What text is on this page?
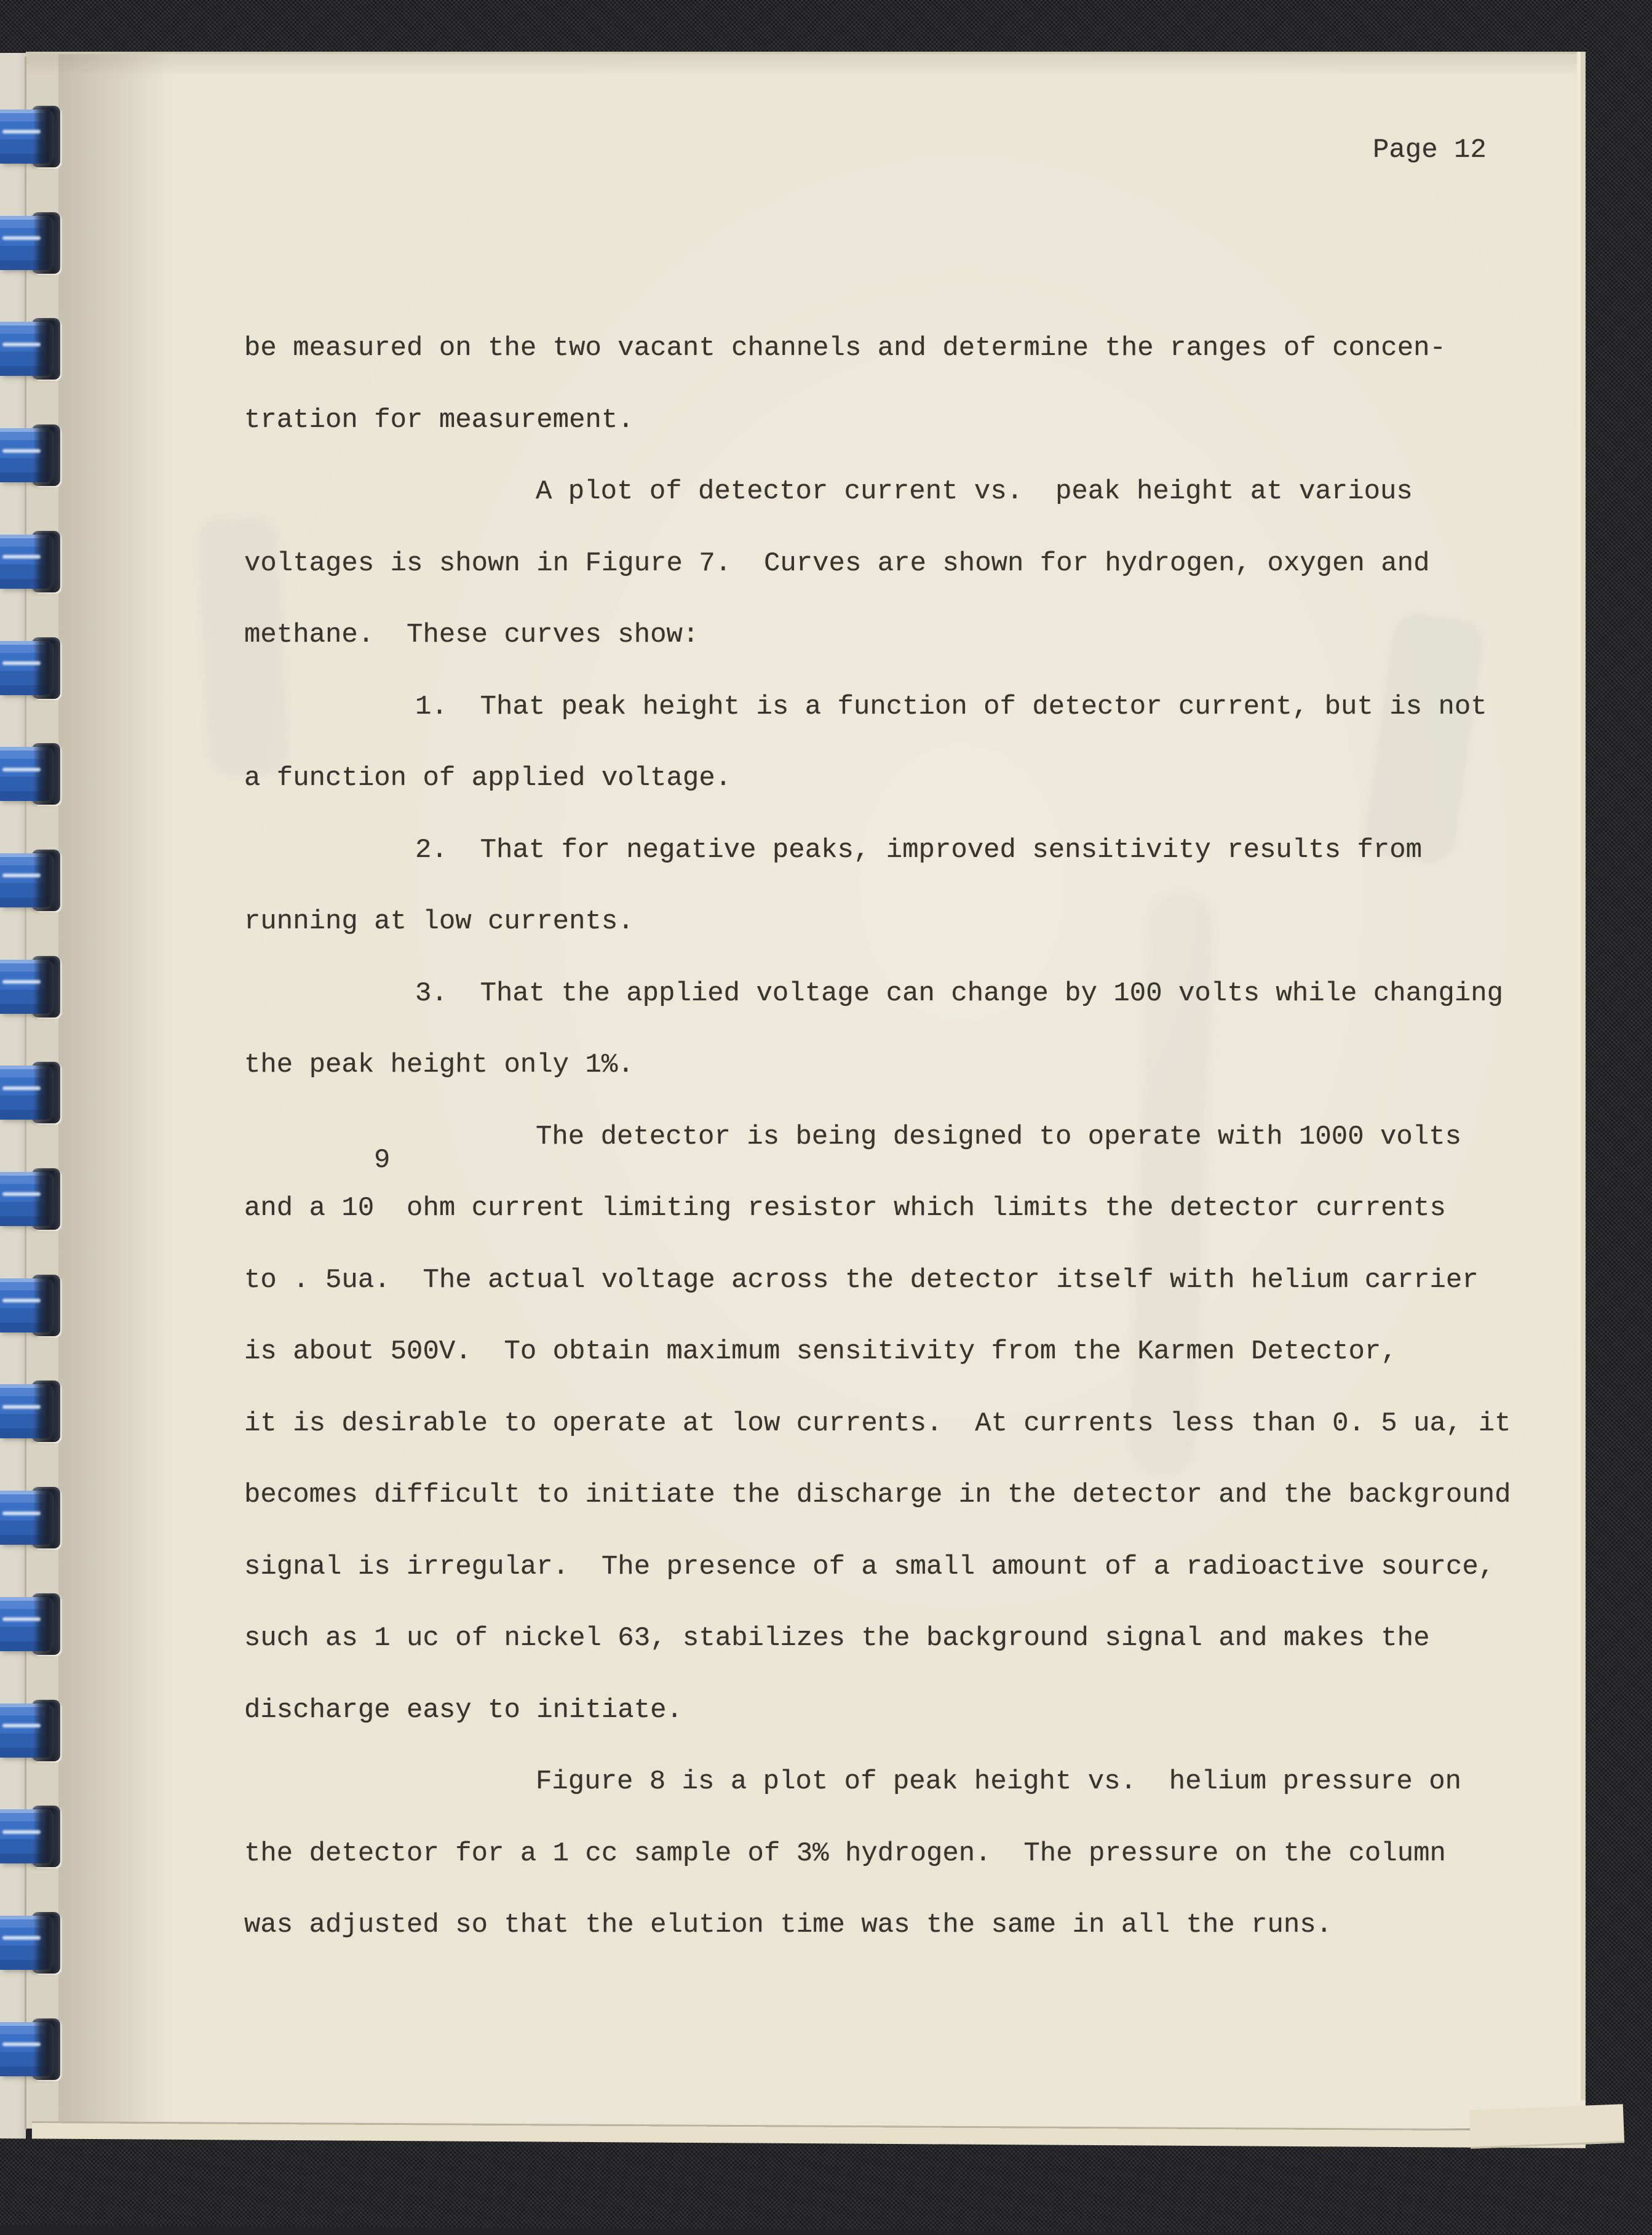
Page 12
be measured on the two vacant channels and determine the ranges of concen-
tration for measurement.
A plot of detector current vs.  peak height at various
voltages is shown in Figure 7.  Curves are shown for hydrogen, oxygen and
methane.  These curves show:
1.  That peak height is a function of detector current, but is not
a function of applied voltage.
2.  That for negative peaks, improved sensitivity results from
running at low currents.
3.  That the applied voltage can change by 100 volts while changing
the peak height only 1%.
The detector is being designed to operate with 1000 volts
and a 10  ohm current limiting resistor which limits the detector currents
to . 5ua.  The actual voltage across the detector itself with helium carrier
is about 500V.  To obtain maximum sensitivity from the Karmen Detector,
it is desirable to operate at low currents.  At currents less than 0. 5 ua, it
becomes difficult to initiate the discharge in the detector and the background
signal is irregular.  The presence of a small amount of a radioactive source,
such as 1 uc of nickel 63, stabilizes the background signal and makes the
discharge easy to initiate.
Figure 8 is a plot of peak height vs.  helium pressure on
the detector for a 1 cc sample of 3% hydrogen.  The pressure on the column
was adjusted so that the elution time was the same in all the runs.
9
